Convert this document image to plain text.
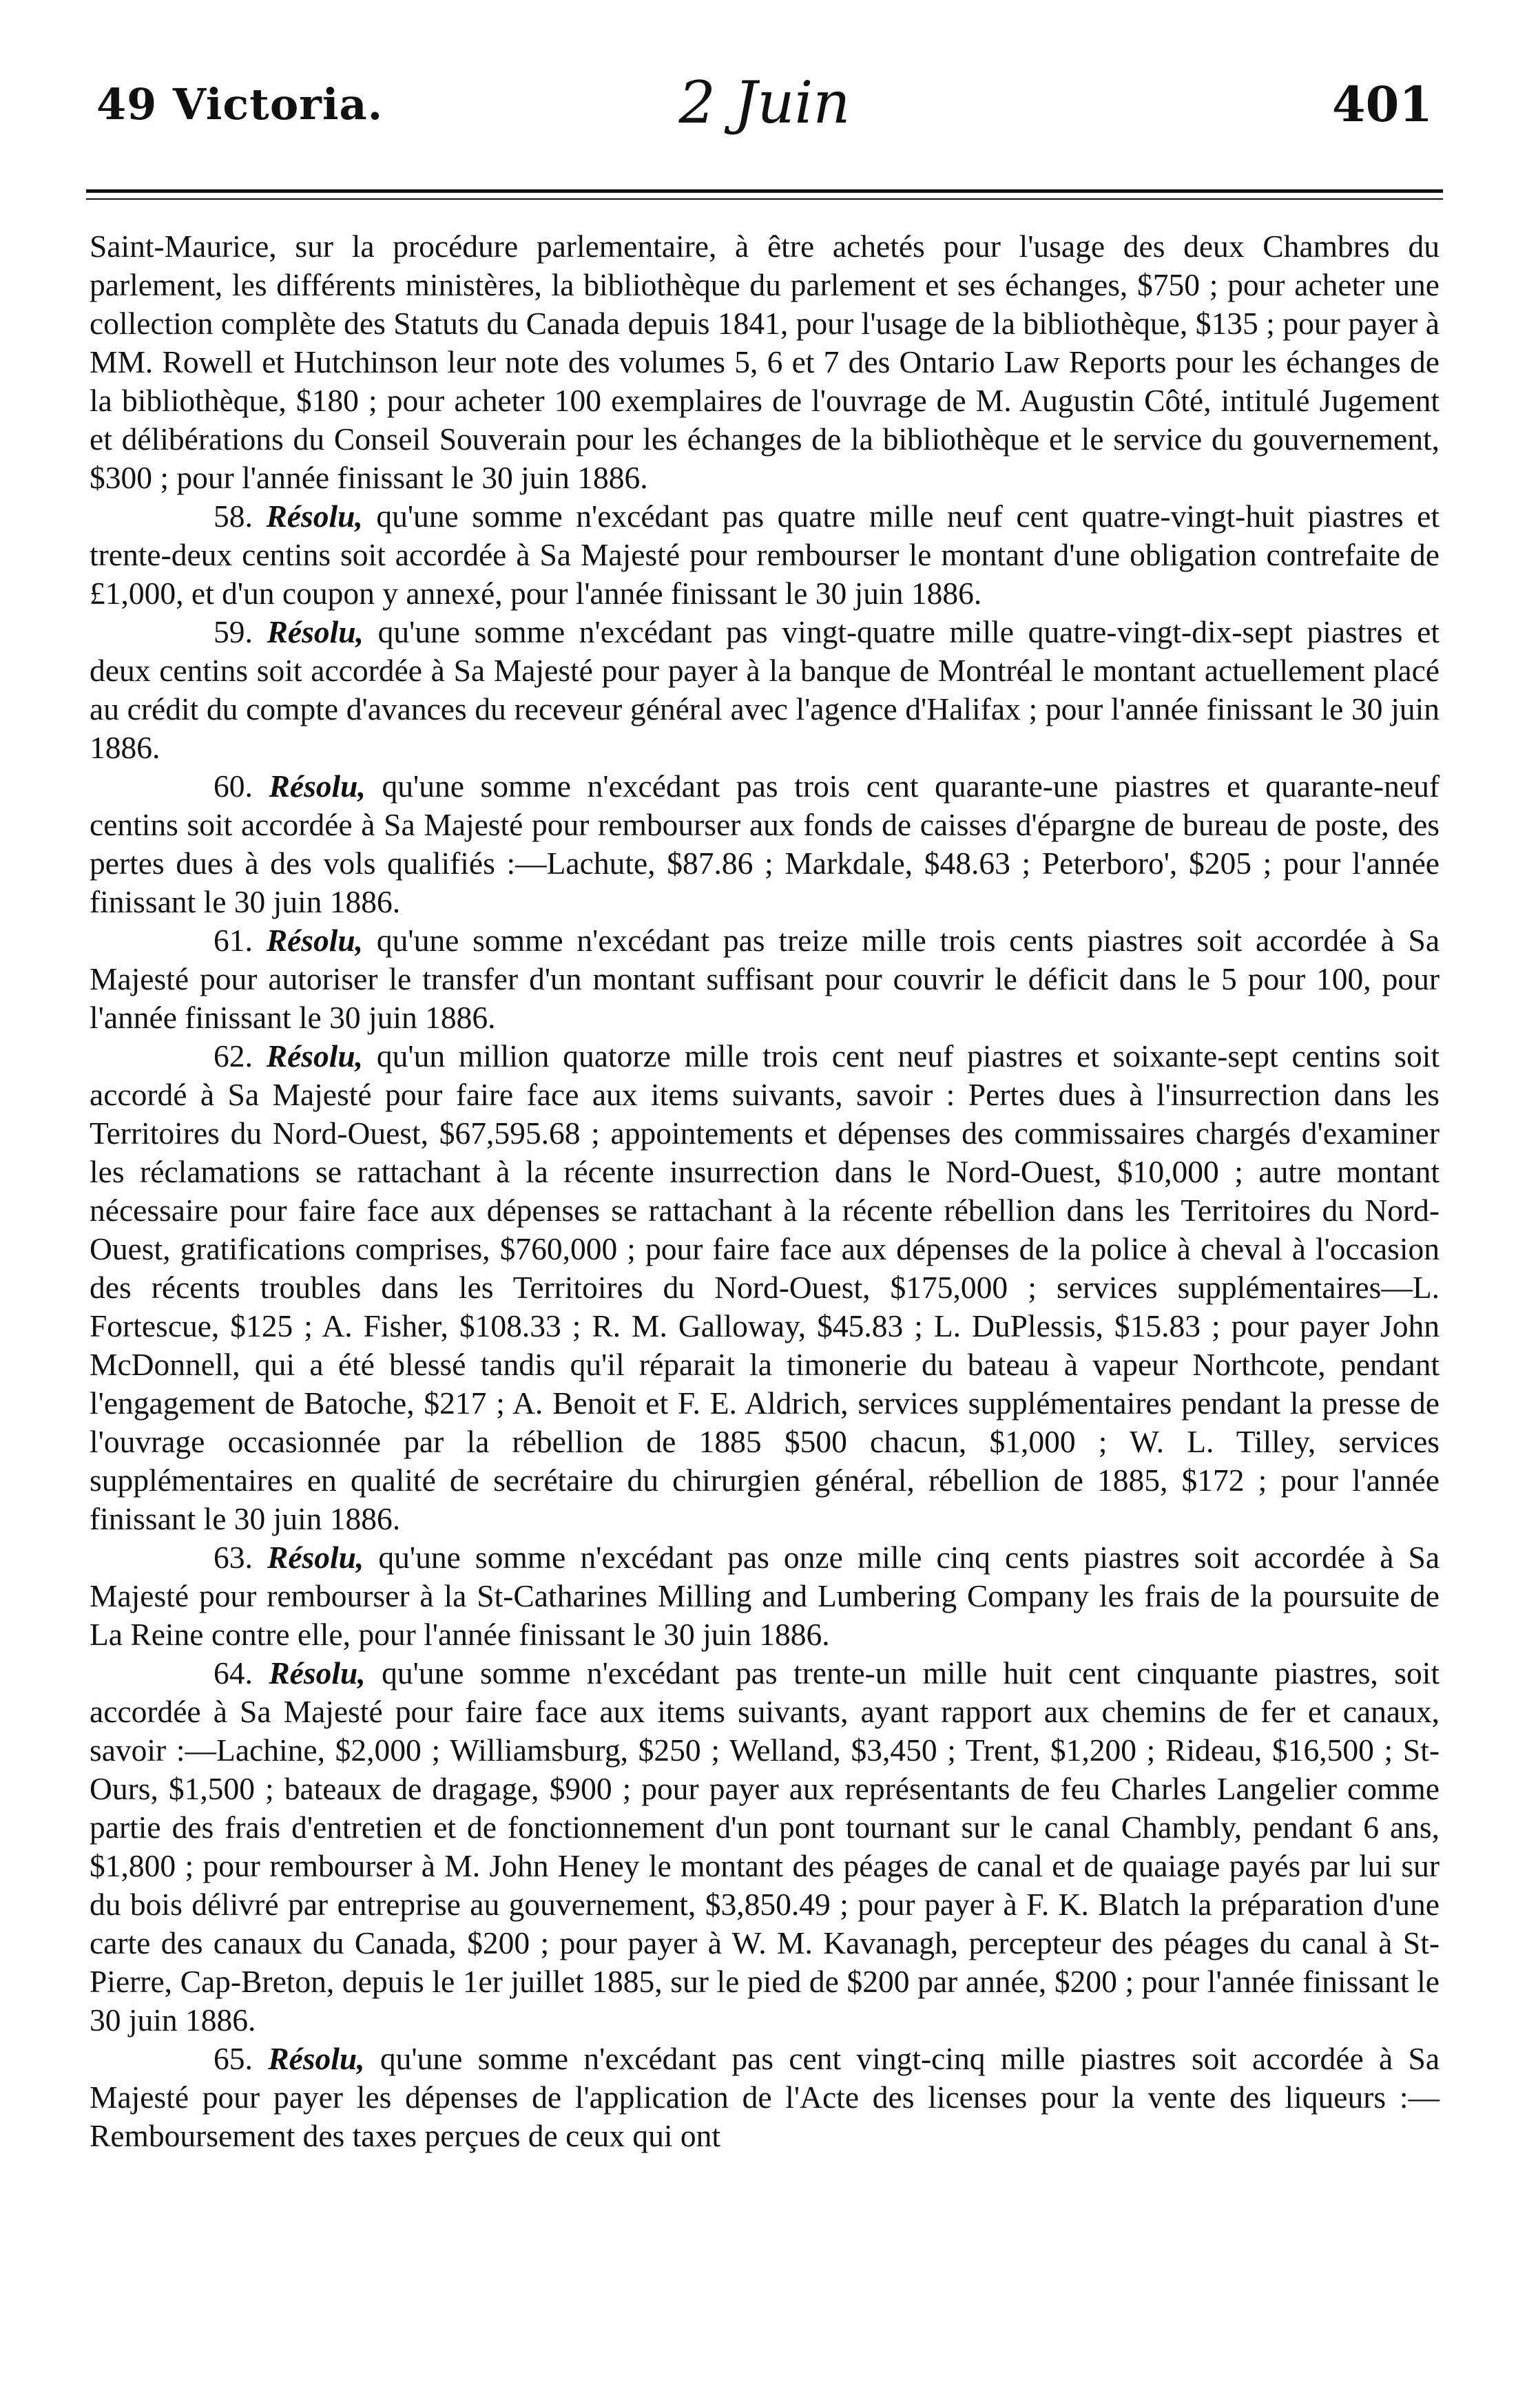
49 Victoria.	2 Juin	401

Saint-Maurice, sur la procédure parlementaire, à être achetés pour l'usage des deux Chambres du parlement, les différents ministères, la bibliothèque du parlement et ses échanges, $750 ; pour acheter une collection complète des Statuts du Canada depuis 1841, pour l'usage de la bibliothèque, $135 ; pour payer à MM. Rowell et Hutchinson leur note des volumes 5, 6 et 7 des Ontario Law Reports pour les échanges de la bibliothèque, $180 ; pour acheter 100 exemplaires de l'ouvrage de M. Augustin Côté, intitulé Jugement et délibérations du Conseil Souverain pour les échanges de la bibliothèque et le service du gouvernement, $300 ; pour l'année finissant le 30 juin 1886.

58. Résolu, qu'une somme n'excédant pas quatre mille neuf cent quatre-vingt-huit piastres et trente-deux centins soit accordée à Sa Majesté pour rembourser le montant d'une obligation contrefaite de £1,000, et d'un coupon y annexé, pour l'année finissant le 30 juin 1886.

59. Résolu, qu'une somme n'excédant pas vingt-quatre mille quatre-vingt-dix-sept piastres et deux centins soit accordée à Sa Majesté pour payer à la banque de Montréal le montant actuellement placé au crédit du compte d'avances du receveur général avec l'agence d'Halifax ; pour l'année finissant le 30 juin 1886.

60. Résolu, qu'une somme n'excédant pas trois cent quarante-une piastres et quarante-neuf centins soit accordée à Sa Majesté pour rembourser aux fonds de caisses d'épargne de bureau de poste, des pertes dues à des vols qualifiés :—Lachute, $87.86 ; Markdale, $48.63 ; Peterboro', $205 ; pour l'année finissant le 30 juin 1886.

61. Résolu, qu'une somme n'excédant pas treize mille trois cents piastres soit accordée à Sa Majesté pour autoriser le transfer d'un montant suffisant pour couvrir le déficit dans le 5 pour 100, pour l'année finissant le 30 juin 1886.

62. Résolu, qu'un million quatorze mille trois cent neuf piastres et soixante-sept centins soit accordé à Sa Majesté pour faire face aux items suivants, savoir : Pertes dues à l'insurrection dans les Territoires du Nord-Ouest, $67,595.68 ; appointements et dépenses des commissaires chargés d'examiner les réclamations se rattachant à la récente insurrection dans le Nord-Ouest, $10,000 ; autre montant nécessaire pour faire face aux dépenses se rattachant à la récente rébellion dans les Territoires du Nord-Ouest, gratifications comprises, $760,000 ; pour faire face aux dépenses de la police à cheval à l'occasion des récents troubles dans les Territoires du Nord-Ouest, $175,000 ; services supplémentaires—L. Fortescue, $125 ; A. Fisher, $108.33 ; R. M. Galloway, $45.83 ; L. DuPlessis, $15.83 ; pour payer John McDonnell, qui a été blessé tandis qu'il réparait la timonerie du bateau à vapeur Northcote, pendant l'engagement de Batoche, $217 ; A. Benoit et F. E. Aldrich, services supplémentaires pendant la presse de l'ouvrage occasionnée par la rébellion de 1885 $500 chacun, $1,000 ; W. L. Tilley, services supplémentaires en qualité de secrétaire du chirurgien général, rébellion de 1885, $172 ; pour l'année finissant le 30 juin 1886.

63. Résolu, qu'une somme n'excédant pas onze mille cinq cents piastres soit accordée à Sa Majesté pour rembourser à la St-Catharines Milling and Lumbering Company les frais de la poursuite de La Reine contre elle, pour l'année finissant le 30 juin 1886.

64. Résolu, qu'une somme n'excédant pas trente-un mille huit cent cinquante piastres, soit accordée à Sa Majesté pour faire face aux items suivants, ayant rapport aux chemins de fer et canaux, savoir :—Lachine, $2,000 ; Williamsburg, $250 ; Welland, $3,450 ; Trent, $1,200 ; Rideau, $16,500 ; St-Ours, $1,500 ; bateaux de dragage, $900 ; pour payer aux représentants de feu Charles Langelier comme partie des frais d'entretien et de fonctionnement d'un pont tournant sur le canal Chambly, pendant 6 ans, $1,800 ; pour rembourser à M. John Heney le montant des péages de canal et de quaiage payés par lui sur du bois délivré par entreprise au gouvernement, $3,850.49 ; pour payer à F. K. Blatch la préparation d'une carte des canaux du Canada, $200 ; pour payer à W. M. Kavanagh, percepteur des péages du canal à St-Pierre, Cap-Breton, depuis le 1er juillet 1885, sur le pied de $200 par année, $200 ; pour l'année finissant le 30 juin 1886.

65. Résolu, qu'une somme n'excédant pas cent vingt-cinq mille piastres soit accordée à Sa Majesté pour payer les dépenses de l'application de l'Acte des licenses pour la vente des liqueurs :—Remboursement des taxes perçues de ceux qui ont
